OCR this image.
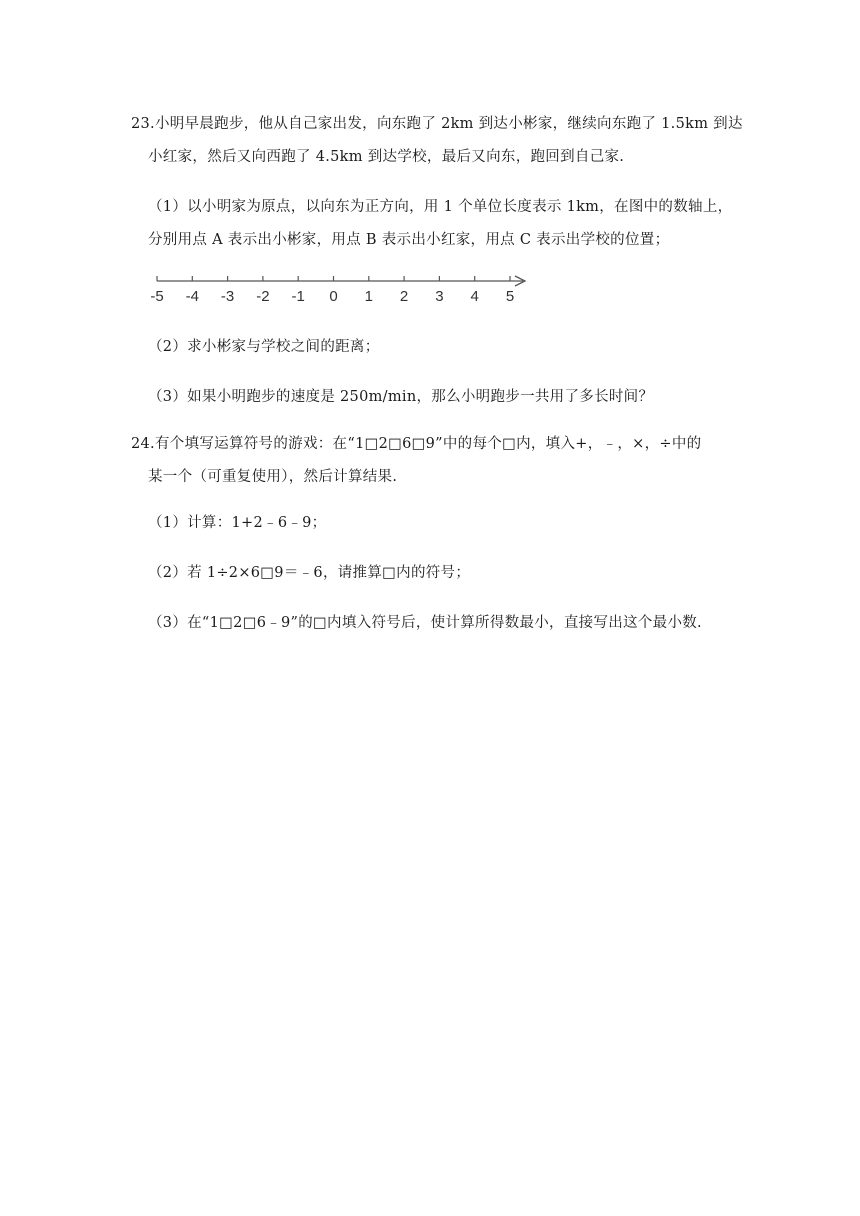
23.小明早晨跑步，他从自己家出发，向东跑了 2km 到达小彬家，继续向东跑了 1.5km 到达
小红家，然后又向西跑了 4.5km 到达学校，最后又向东，跑回到自己家.
（1）以小明家为原点，以向东为正方向，用 1 个单位长度表示 1km，在图中的数轴上，
分别用点 A 表示出小彬家，用点 B 表示出小红家，用点 C 表示出学校的位置；
-5 -4 -3 -2 -1 0 1 2 3 4 5
（2）求小彬家与学校之间的距离；
（3）如果小明跑步的速度是 250m/min，那么小明跑步一共用了多长时间？
24.有个填写运算符号的游戏：在“1□2□6□9”中的每个□内，填入+，﹣，×，÷中的
某一个（可重复使用），然后计算结果.
（1）计算：1+2﹣6﹣9；
（2）若 1÷2×6□9＝﹣6，请推算□内的符号；
（3）在“1□2□6﹣9”的□内填入符号后，使计算所得数最小，直接写出这个最小数.
